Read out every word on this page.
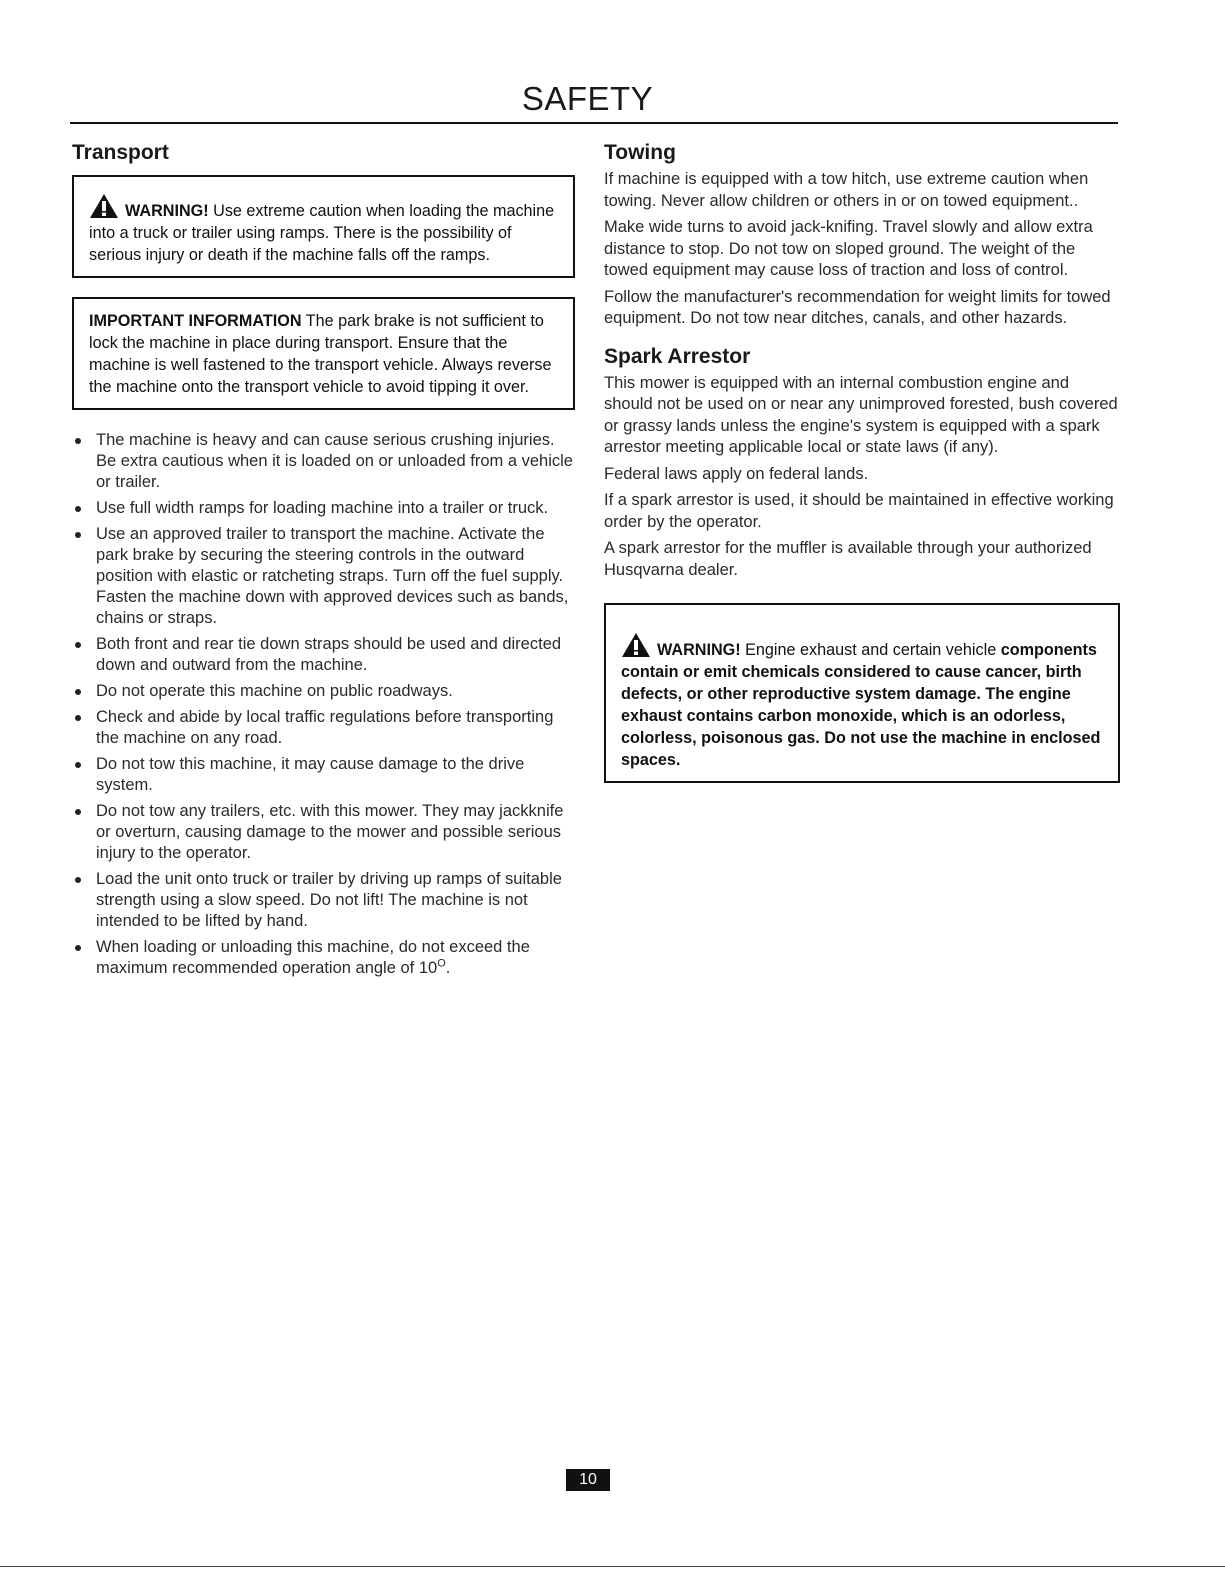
SAFETY
Transport
WARNING! Use extreme caution when loading the machine into a truck or trailer using ramps. There is the possibility of serious injury or death if the machine falls off the ramps.
IMPORTANT INFORMATION The park brake is not sufficient to lock the machine in place during transport. Ensure that the machine is well fastened to the transport vehicle. Always reverse the machine onto the transport vehicle to avoid tipping it over.
The machine is heavy and can cause serious crushing injuries. Be extra cautious when it is loaded on or unloaded from a vehicle or trailer.
Use full width ramps for loading machine into a trailer or truck.
Use an approved trailer to transport the machine. Activate the park brake by securing the steering controls in the outward position with elastic or ratcheting straps. Turn off the fuel supply. Fasten the machine down with approved devices such as bands, chains or straps.
Both front and rear tie down straps should be used and directed down and outward from the machine.
Do not operate this machine on public roadways.
Check and abide by local traffic regulations before transporting the machine on any road.
Do not tow this machine, it may cause damage to the drive system.
Do not tow any trailers, etc. with this mower. They may jackknife or overturn, causing damage to the mower and possible serious injury to the operator.
Load the unit onto truck or trailer by driving up ramps of suitable strength using a slow speed. Do not lift! The machine is not intended to be lifted by hand.
When loading or unloading this machine, do not exceed the maximum recommended operation angle of $10^O$.
Towing

If machine is equipped with a tow hitch, use extreme caution when towing. Never allow children or others in or on towed equipment..

Make wide turns to avoid jack-knifing. Travel slowly and allow extra distance to stop. Do not tow on sloped ground. The weight of the towed equipment may cause loss of traction and loss of control.

Follow the manufacturer's recommendation for weight limits for towed equipment. Do not tow near ditches, canals, and other hazards.

Spark Arrestor

This mower is equipped with an internal combustion engine and should not be used on or near any unimproved forested, bush covered or grassy lands unless the engine's system is equipped with a spark arrestor meeting applicable local or state laws (if any).

Federal laws apply on federal lands.

If a spark arrestor is used, it should be maintained in effective working order by the operator.

A spark arrestor for the muffler is available through your authorized Husqvarna dealer.

WARNING! Engine exhaust and certain vehicle components contain or emit chemicals considered to cause cancer, birth defects, or other reproductive system damage. The engine exhaust contains carbon monoxide, which is an odorless, colorless, poisonous gas. Do not use the machine in enclosed spaces.
10
